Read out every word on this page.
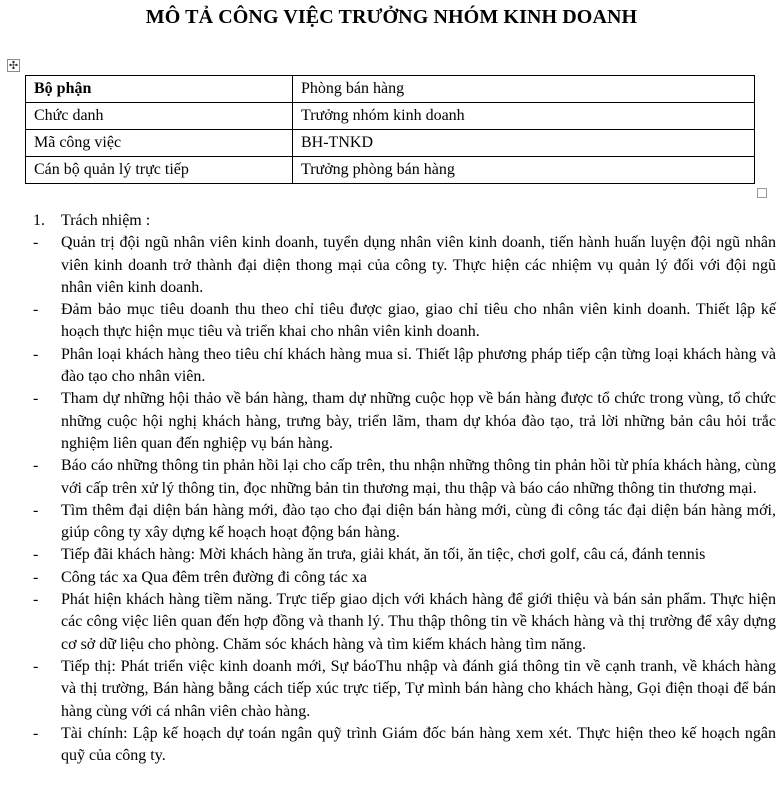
MÔ TẢ CÔNG VIỆC TRƯỞNG NHÓM KINH DOANH
✣
Bộ phận	Phòng bán hàng
Chức danh	Trưởng nhóm kinh doanh
Mã công việc	BH-TNKD
Cán bộ quản lý trực tiếp	Trưởng phòng bán hàng
1. Trách nhiệm :
- Quản trị đội ngũ nhân viên kinh doanh, tuyển dụng nhân viên kinh doanh, tiến hành huấn luyện đội ngũ nhân viên kinh doanh trở thành đại diện thong mại của công ty. Thực hiện các nhiệm vụ quản lý đối với đội ngũ nhân viên kinh doanh.
- Đảm bảo mục tiêu doanh thu theo chỉ tiêu được giao, giao chỉ tiêu cho nhân viên kinh doanh. Thiết lập kế hoạch thực hiện mục tiêu và triển khai cho nhân viên kinh doanh.
- Phân loại khách hàng theo tiêu chí khách hàng mua sỉ. Thiết lập phương pháp tiếp cận từng loại khách hàng và đào tạo cho nhân viên.
- Tham dự những hội thảo về bán hàng, tham dự những cuộc họp về bán hàng được tổ chức trong vùng, tổ chức những cuộc hội nghị khách hàng, trưng bày, triển lãm, tham dự khóa đào tạo, trả lời những bản câu hỏi trắc nghiệm liên quan đến nghiệp vụ bán hàng.
- Báo cáo những thông tin phản hồi lại cho cấp trên, thu nhận những thông tin phản hồi từ phía khách hàng, cùng với cấp trên xử lý thông tin, đọc những bản tin thương mại, thu thập và báo cáo những thông tin thương mại.
- Tìm thêm đại diện bán hàng mới, đào tạo cho đại diện bán hàng mới, cùng đi công tác đại diện bán hàng mới, giúp công ty xây dựng kế hoạch hoạt động bán hàng.
- Tiếp đãi khách hàng: Mời khách hàng ăn trưa, giải khát, ăn tối, ăn tiệc, chơi golf, câu cá, đánh tennis
- Công tác xa Qua đêm trên đường đi công tác xa
- Phát hiện khách hàng tiềm năng. Trực tiếp giao dịch với khách hàng để giới thiệu và bán sản phẩm. Thực hiện các công việc liên quan đến hợp đồng và thanh lý. Thu thập thông tin về khách hàng và thị trường để xây dựng cơ sở dữ liệu cho phòng. Chăm sóc khách hàng và tìm kiếm khách hàng tìm năng.
- Tiếp thị: Phát triển việc kinh doanh mới, Sự báoThu nhập và đánh giá thông tin về cạnh tranh, về khách hàng và thị trường, Bán hàng bằng cách tiếp xúc trực tiếp, Tự mình bán hàng cho khách hàng, Gọi điện thoại để bán hàng cùng với cá nhân viên chào hàng.
- Tài chính: Lập kế hoạch dự toán ngân quỹ trình Giám đốc bán hàng xem xét. Thực hiện theo kế hoạch ngân quỹ của công ty.
